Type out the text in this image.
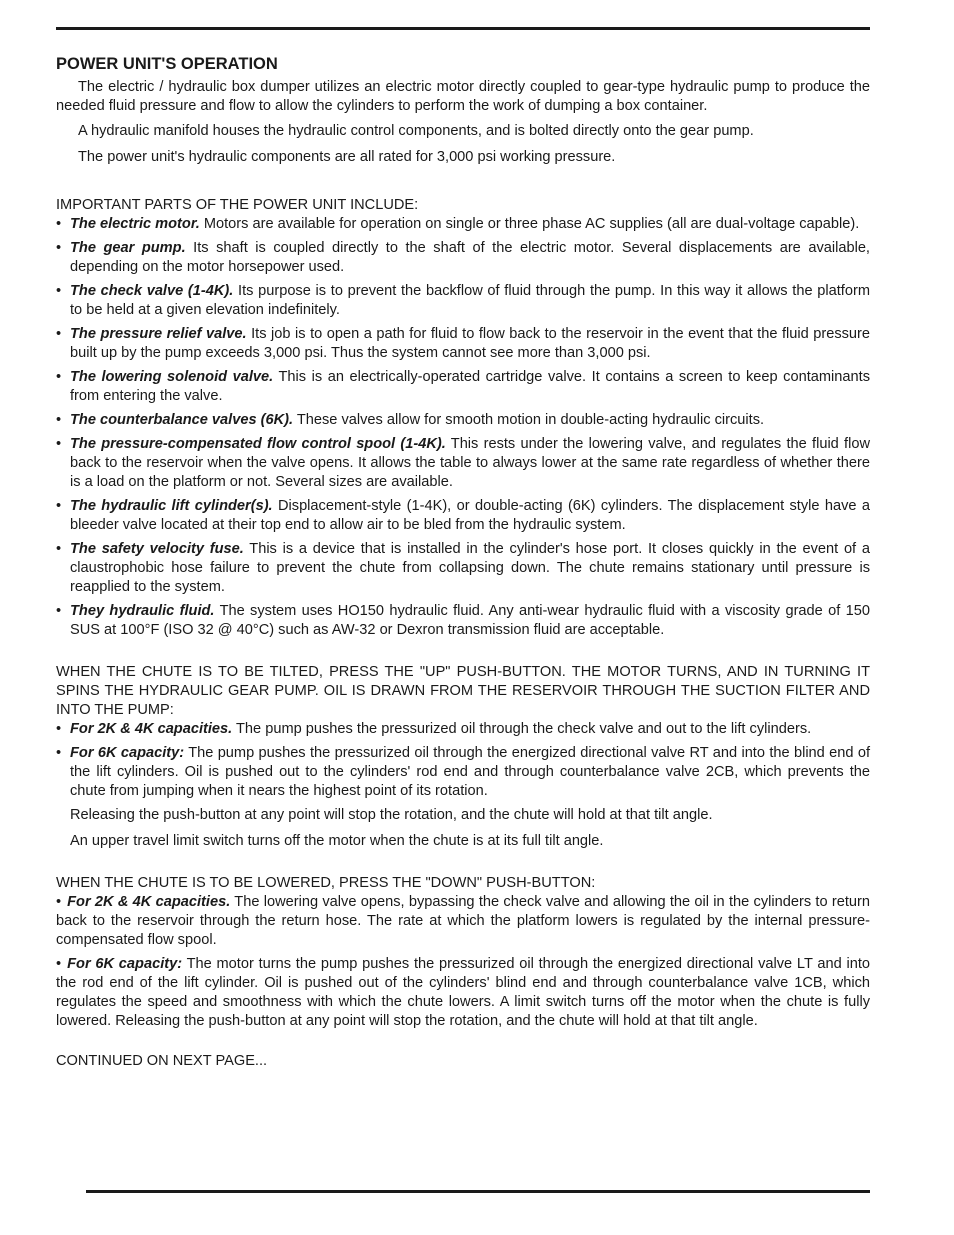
POWER UNIT'S OPERATION

The electric / hydraulic box dumper utilizes an electric motor directly coupled to gear-type hydraulic pump to produce the needed fluid pressure and flow to allow the cylinders to perform the work of dumping a box container.

A hydraulic manifold houses the hydraulic control components, and is bolted directly onto the gear pump.

The power unit's hydraulic components are all rated for 3,000 psi working pressure.

IMPORTANT PARTS OF THE POWER UNIT INCLUDE:

• The electric motor. Motors are available for operation on single or three phase AC supplies (all are dual-voltage capable).
• The gear pump. Its shaft is coupled directly to the shaft of the electric motor. Several displacements are available, depending on the motor horsepower used.
• The check valve (1-4K). Its purpose is to prevent the backflow of fluid through the pump. In this way it allows the platform to be held at a given elevation indefinitely.
• The pressure relief valve. Its job is to open a path for fluid to flow back to the reservoir in the event that the fluid pressure built up by the pump exceeds 3,000 psi. Thus the system cannot see more than 3,000 psi.
• The lowering solenoid valve. This is an electrically-operated cartridge valve. It contains a screen to keep contaminants from entering the valve.
• The counterbalance valves (6K). These valves allow for smooth motion in double-acting hydraulic circuits.
• The pressure-compensated flow control spool (1-4K). This rests under the lowering valve, and regulates the fluid flow back to the reservoir when the valve opens. It allows the table to always lower at the same rate regardless of whether there is a load on the platform or not. Several sizes are available.
• The hydraulic lift cylinder(s). Displacement-style (1-4K), or double-acting (6K) cylinders. The displacement style have a bleeder valve located at their top end to allow air to be bled from the hydraulic system.
• The safety velocity fuse. This is a device that is installed in the cylinder's hose port. It closes quickly in the event of a claustrophobic hose failure to prevent the chute from collapsing down. The chute remains stationary until pressure is reapplied to the system.
• They hydraulic fluid. The system uses HO150 hydraulic fluid. Any anti-wear hydraulic fluid with a viscosity grade of 150 SUS at 100°F (ISO 32 @ 40°C) such as AW-32 or Dexron transmission fluid are acceptable.

WHEN THE CHUTE IS TO BE TILTED, PRESS THE "UP" PUSH-BUTTON. THE MOTOR TURNS, AND IN TURNING IT SPINS THE HYDRAULIC GEAR PUMP. OIL IS DRAWN FROM THE RESERVOIR THROUGH THE SUCTION FILTER AND INTO THE PUMP:

• For 2K & 4K capacities. The pump pushes the pressurized oil through the check valve and out to the lift cylinders.
• For 6K capacity: The pump pushes the pressurized oil through the energized directional valve RT and into the blind end of the lift cylinders. Oil is pushed out to the cylinders' rod end and through counterbalance valve 2CB, which prevents the chute from jumping when it nears the highest point of its rotation.

Releasing the push-button at any point will stop the rotation, and the chute will hold at that tilt angle.

An upper travel limit switch turns off the motor when the chute is at its full tilt angle.

WHEN THE CHUTE IS TO BE LOWERED, PRESS THE "DOWN" PUSH-BUTTON:

• For 2K & 4K capacities. The lowering valve opens, bypassing the check valve and allowing the oil in the cylinders to return back to the reservoir through the return hose. The rate at which the platform lowers is regulated by the internal pressure-compensated flow spool.
• For 6K capacity: The motor turns the pump pushes the pressurized oil through the energized directional valve LT and into the rod end of the lift cylinder. Oil is pushed out of the cylinders' blind end and through counterbalance valve 1CB, which regulates the speed and smoothness with which the chute lowers. A limit switch turns off the motor when the chute is fully lowered. Releasing the push-button at any point will stop the rotation, and the chute will hold at that tilt angle.

CONTINUED ON NEXT PAGE...
